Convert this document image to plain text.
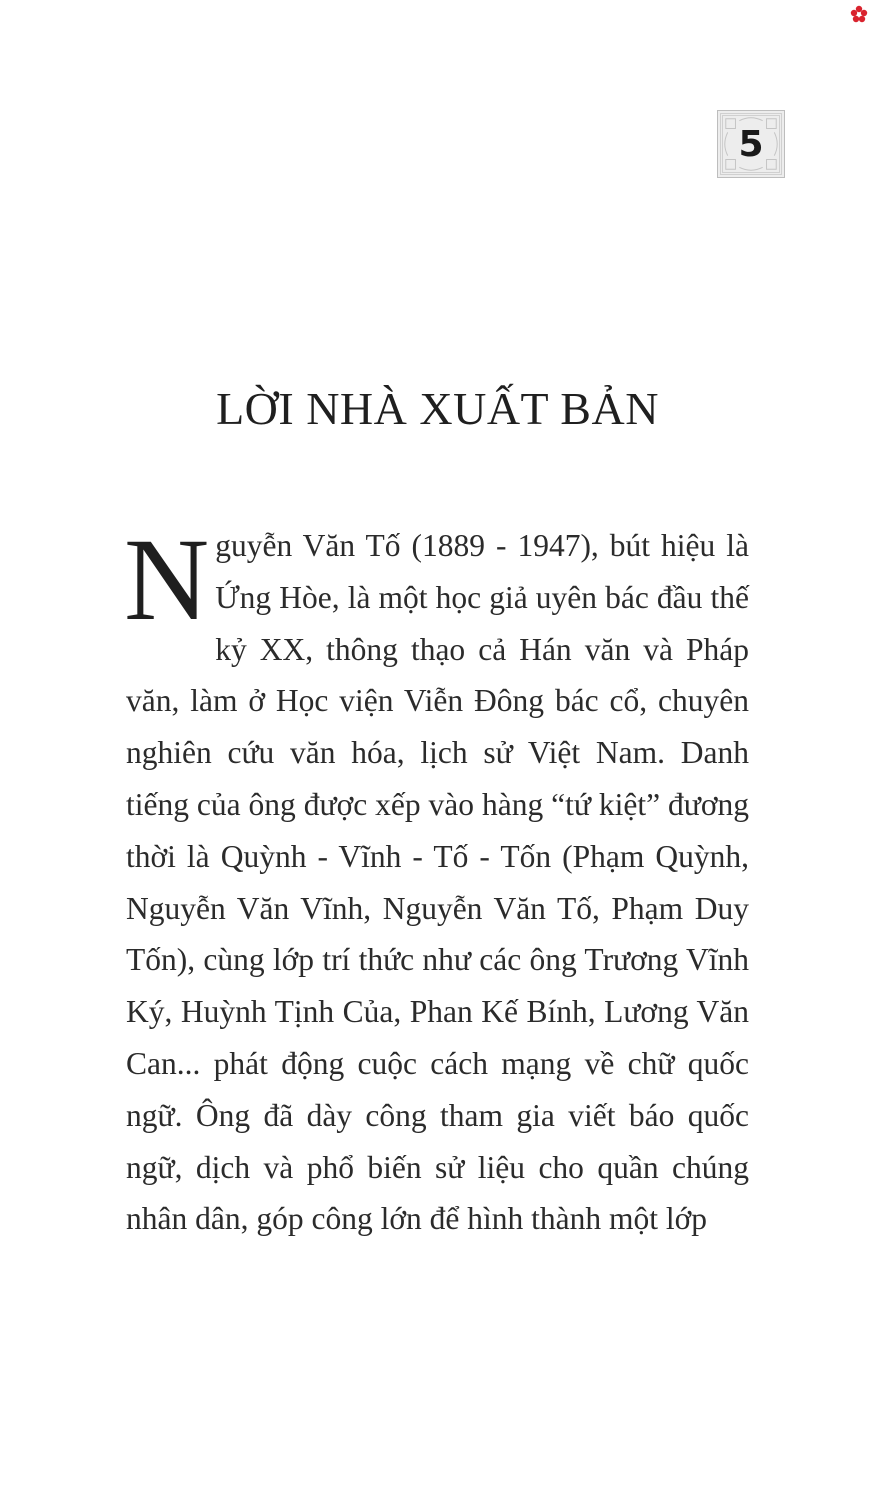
5
LỜI NHÀ XUẤT BẢN

Nguyễn Văn Tố (1889 - 1947), bút hiệu là Ứng Hòe, là một học giả uyên bác đầu thế kỷ XX, thông thạo cả Hán văn và Pháp văn, làm ở Học viện Viễn Đông bác cổ, chuyên nghiên cứu văn hóa, lịch sử Việt Nam. Danh tiếng của ông được xếp vào hàng “tứ kiệt” đương thời là Quỳnh - Vĩnh - Tố - Tốn (Phạm Quỳnh, Nguyễn Văn Vĩnh, Nguyễn Văn Tố, Phạm Duy Tốn), cùng lớp trí thức như các ông Trương Vĩnh Ký, Huỳnh Tịnh Của, Phan Kế Bính, Lương Văn Can... phát động cuộc cách mạng về chữ quốc ngữ. Ông đã dày công tham gia viết báo quốc ngữ, dịch và phổ biến sử liệu cho quần chúng nhân dân, góp công lớn để hình thành một lớp
